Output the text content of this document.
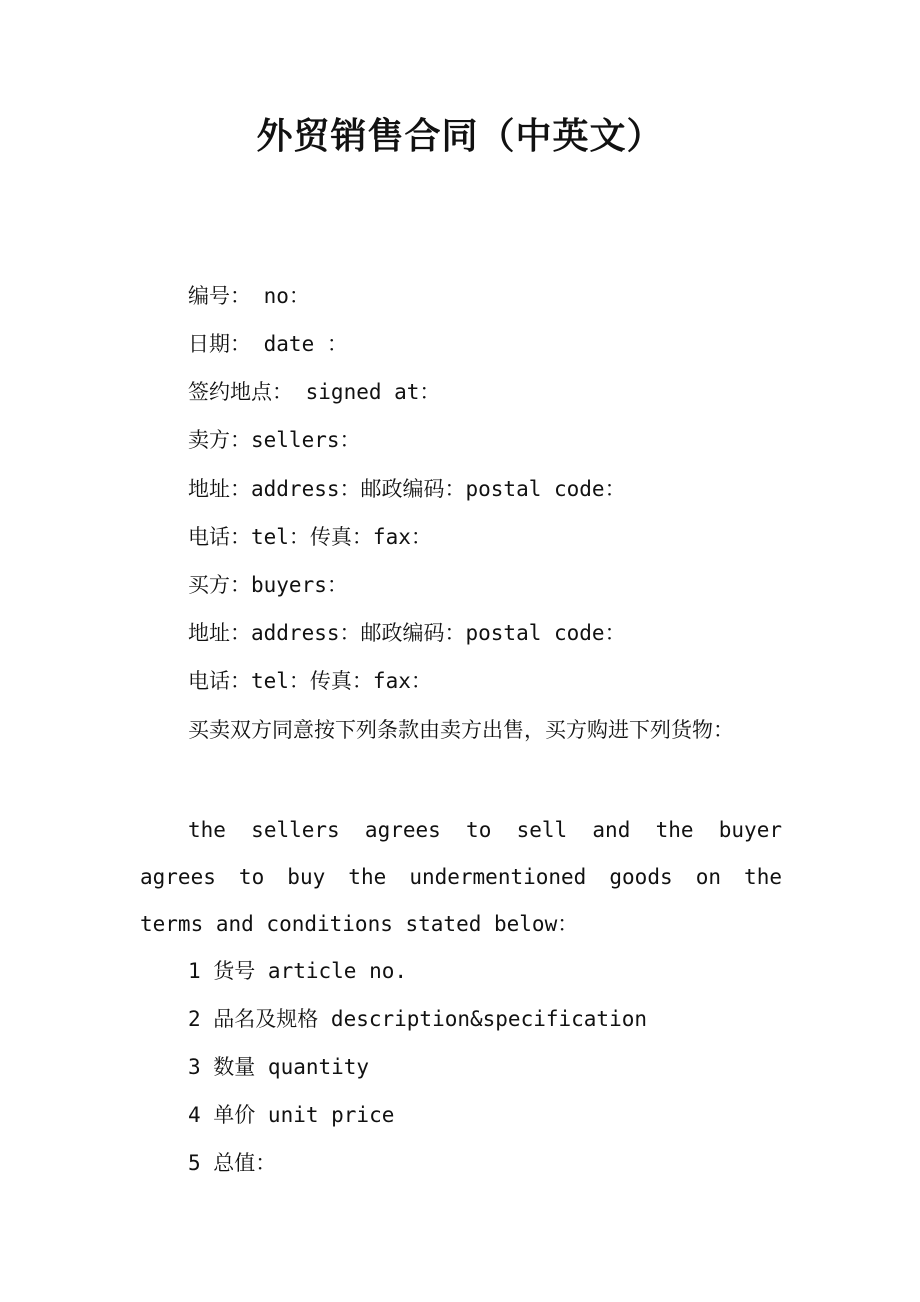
外贸销售合同（中英文）
编号： no：
日期： date ：
签约地点： signed at：
卖方：sellers：
地址：address：邮政编码：postal code：
电话：tel：传真：fax：
买方：buyers：
地址：address：邮政编码：postal code：
电话：tel：传真：fax：
买卖双方同意按下列条款由卖方出售，买方购进下列货物：
the sellers agrees to sell and the buyer agrees to buy the undermentioned goods on the terms and conditions stated below：
1 货号 article no.
2 品名及规格 description&specification
3 数量 quantity
4 单价 unit price
5 总值：
